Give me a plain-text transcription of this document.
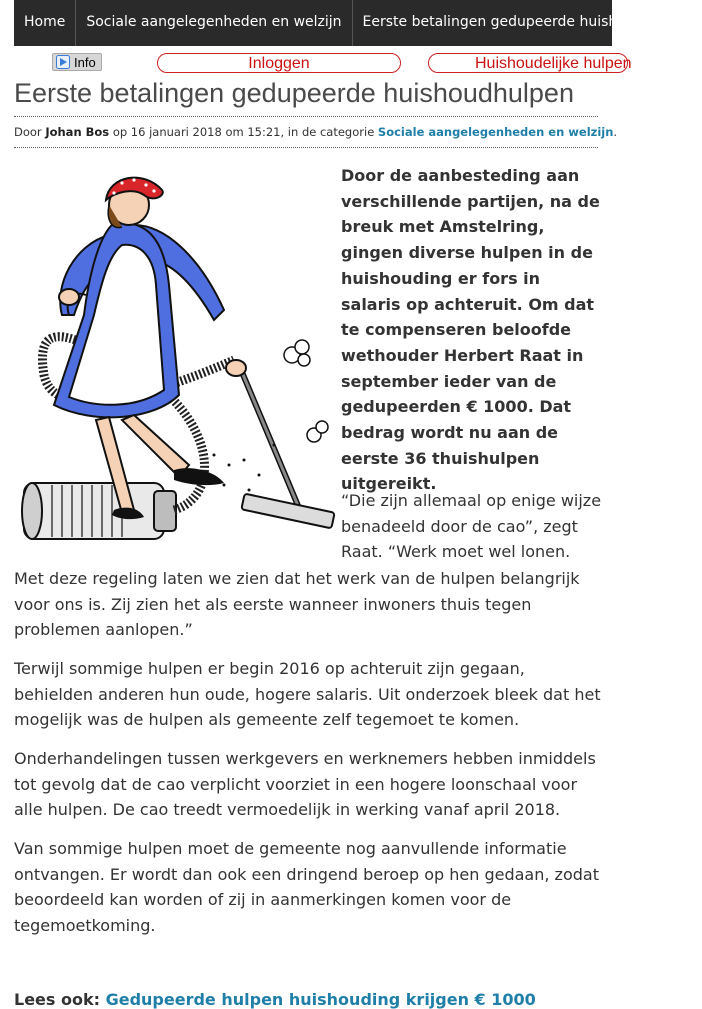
Home	Sociale aangelegenheden en welzijn	Eerste betalingen gedupeerde huishoudhulpen
Info	Inloggen	Huishoudelijke hulpen
Eerste betalingen gedupeerde huishoudhulpen
Door Johan Bos op 16 januari 2018 om 15:21, in de categorie Sociale aangelegenheden en welzijn.

Door de aanbesteding aan verschillende partijen, na de breuk met Amstelring, gingen diverse hulpen in de huishouding er fors in salaris op achteruit. Om dat te compenseren beloofde wethouder Herbert Raat in september ieder van de gedupeerden € 1000. Dat bedrag wordt nu aan de eerste 36 thuishulpen uitgereikt.

“Die zijn allemaal op enige wijze benadeeld door de cao”, zegt Raat. “Werk moet wel lonen.

Met deze regeling laten we zien dat het werk van de hulpen belangrijk voor ons is. Zij zien het als eerste wanneer inwoners thuis tegen problemen aanlopen.”

Terwijl sommige hulpen er begin 2016 op achteruit zijn gegaan, behielden anderen hun oude, hogere salaris. Uit onderzoek bleek dat het mogelijk was de hulpen als gemeente zelf tegemoet te komen.

Onderhandelingen tussen werkgevers en werknemers hebben inmiddels tot gevolg dat de cao verplicht voorziet in een hogere loonschaal voor alle hulpen. De cao treedt vermoedelijk in werking vanaf april 2018.

Van sommige hulpen moet de gemeente nog aanvullende informatie ontvangen. Er wordt dan ook een dringend beroep op hen gedaan, zodat beoordeeld kan worden of zij in aanmerkingen komen voor de tegemoetkoming.

Lees ook: Gedupeerde hulpen huishouding krijgen € 1000
